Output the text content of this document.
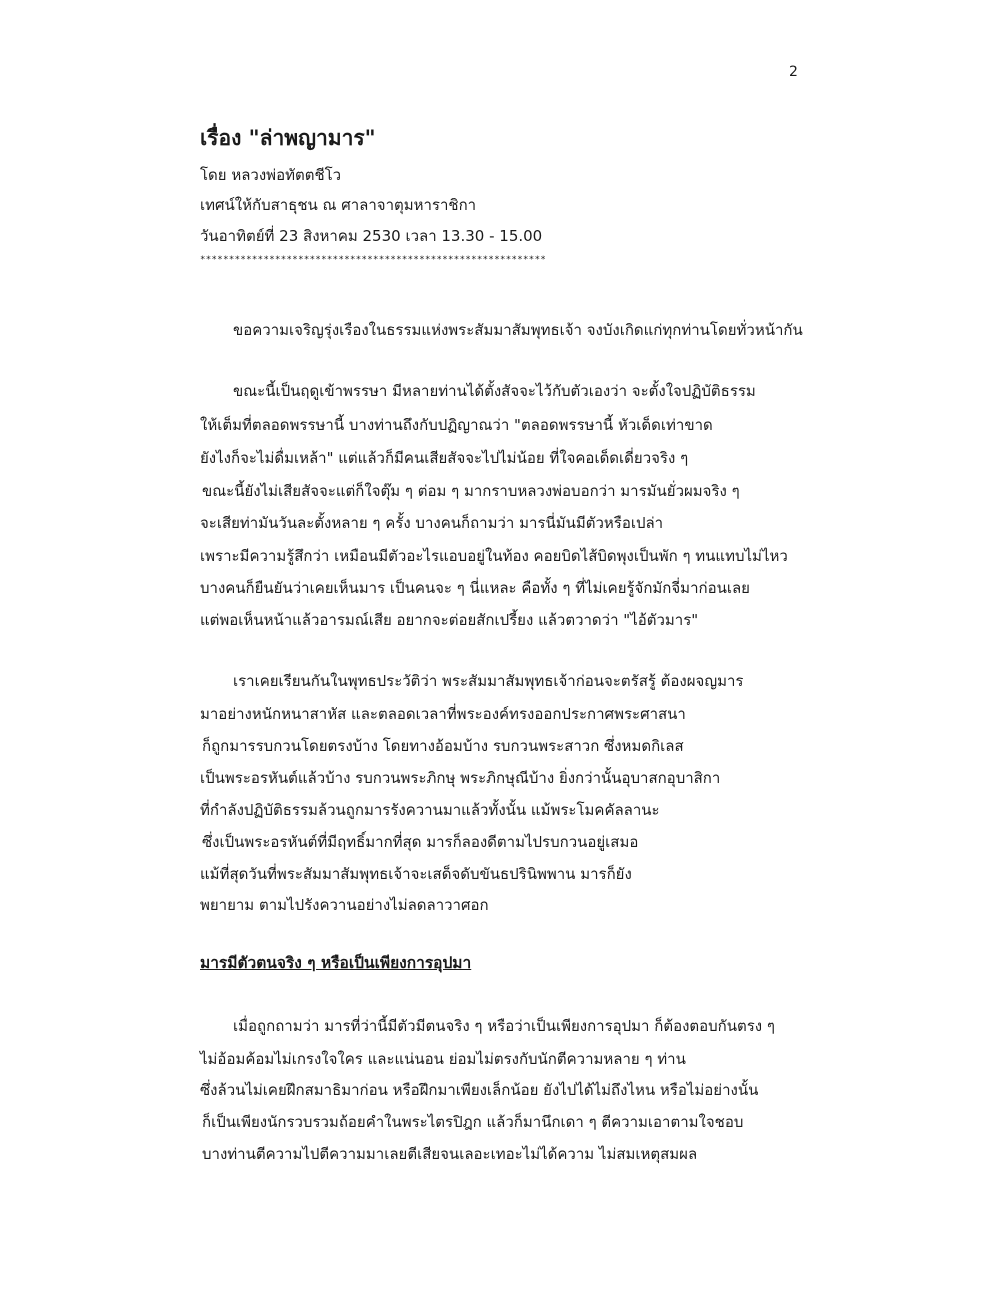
2
เรื่อง "ล่าพญามาร"
โดย หลวงพ่อทัตตชีโว
เทศน์ให้กับสาธุชน ณ ศาลาจาตุมหาราชิกา
วันอาทิตย์ที่ 23 สิงหาคม 2530 เวลา 13.30 - 15.00
************************************************************
ขอความเจริญรุ่งเรืองในธรรมแห่งพระสัมมาสัมพุทธเจ้า จงบังเกิดแก่ทุกท่านโดยทั่วหน้ากัน
ขณะนี้เป็นฤดูเข้าพรรษา มีหลายท่านได้ตั้งสัจจะไว้กับตัวเองว่า จะตั้งใจปฏิบัติธรรม
ให้เต็มที่ตลอดพรรษานี้ บางท่านถึงกับปฏิญาณว่า "ตลอดพรรษานี้ หัวเด็ดเท่าขาด
ยังไงก็จะไม่ดื่มเหล้า" แต่แล้วก็มีคนเสียสัจจะไปไม่น้อย ที่ใจคอเด็ดเดี่ยวจริง ๆ
ขณะนี้ยังไม่เสียสัจจะแต่ก็ใจตุ๊ม ๆ ต่อม ๆ มากราบหลวงพ่อบอกว่า มารมันยั่วผมจริง ๆ
จะเสียท่ามันวันละตั้งหลาย ๆ ครั้ง บางคนก็ถามว่า มารนี่มันมีตัวหรือเปล่า
เพราะมีความรู้สึกว่า เหมือนมีตัวอะไรแอบอยู่ในท้อง คอยบิดไส้บิดพุงเป็นพัก ๆ ทนแทบไม่ไหว
บางคนก็ยืนยันว่าเคยเห็นมาร เป็นคนจะ ๆ นี่แหละ คือทั้ง ๆ ที่ไม่เคยรู้จักมักจี่มาก่อนเลย
แต่พอเห็นหน้าแล้วอารมณ์เสีย อยากจะต่อยสักเปรี้ยง แล้วตวาดว่า "ไอ้ตัวมาร"
เราเคยเรียนกันในพุทธประวัติว่า พระสัมมาสัมพุทธเจ้าก่อนจะตรัสรู้ ต้องผจญมาร
มาอย่างหนักหนาสาหัส และตลอดเวลาที่พระองค์ทรงออกประกาศพระศาสนา
ก็ถูกมารรบกวนโดยตรงบ้าง โดยทางอ้อมบ้าง รบกวนพระสาวก ซึ่งหมดกิเลส
เป็นพระอรหันต์แล้วบ้าง รบกวนพระภิกษุ พระภิกษุณีบ้าง ยิ่งกว่านั้นอุบาสกอุบาสิกา
ที่กำลังปฏิบัติธรรมล้วนถูกมารรังควานมาแล้วทั้งนั้น แม้พระโมคคัลลานะ
ซึ่งเป็นพระอรหันต์ที่มีฤทธิ์มากที่สุด มารก็ลองดีตามไปรบกวนอยู่เสมอ
แม้ที่สุดวันที่พระสัมมาสัมพุทธเจ้าจะเสด็จดับขันธปรินิพพาน มารก็ยัง
พยายาม ตามไปรังควานอย่างไม่ลดลาวาศอก
มารมีตัวตนจริง ๆ หรือเป็นเพียงการอุปมา
เมื่อถูกถามว่า มารที่ว่านี้มีตัวมีตนจริง ๆ หรือว่าเป็นเพียงการอุปมา ก็ต้องตอบกันตรง ๆ
ไม่อ้อมค้อมไม่เกรงใจใคร และแน่นอน ย่อมไม่ตรงกับนักตีความหลาย ๆ ท่าน
ซึ่งล้วนไม่เคยฝึกสมาธิมาก่อน หรือฝึกมาเพียงเล็กน้อย ยังไปได้ไม่ถึงไหน หรือไม่อย่างนั้น
ก็เป็นเพียงนักรวบรวมถ้อยคำในพระไตรปิฎก แล้วก็มานึกเดา ๆ ตีความเอาตามใจชอบ
บางท่านตีความไปตีความมาเลยตีเสียจนเลอะเทอะไม่ได้ความ ไม่สมเหตุสมผล
